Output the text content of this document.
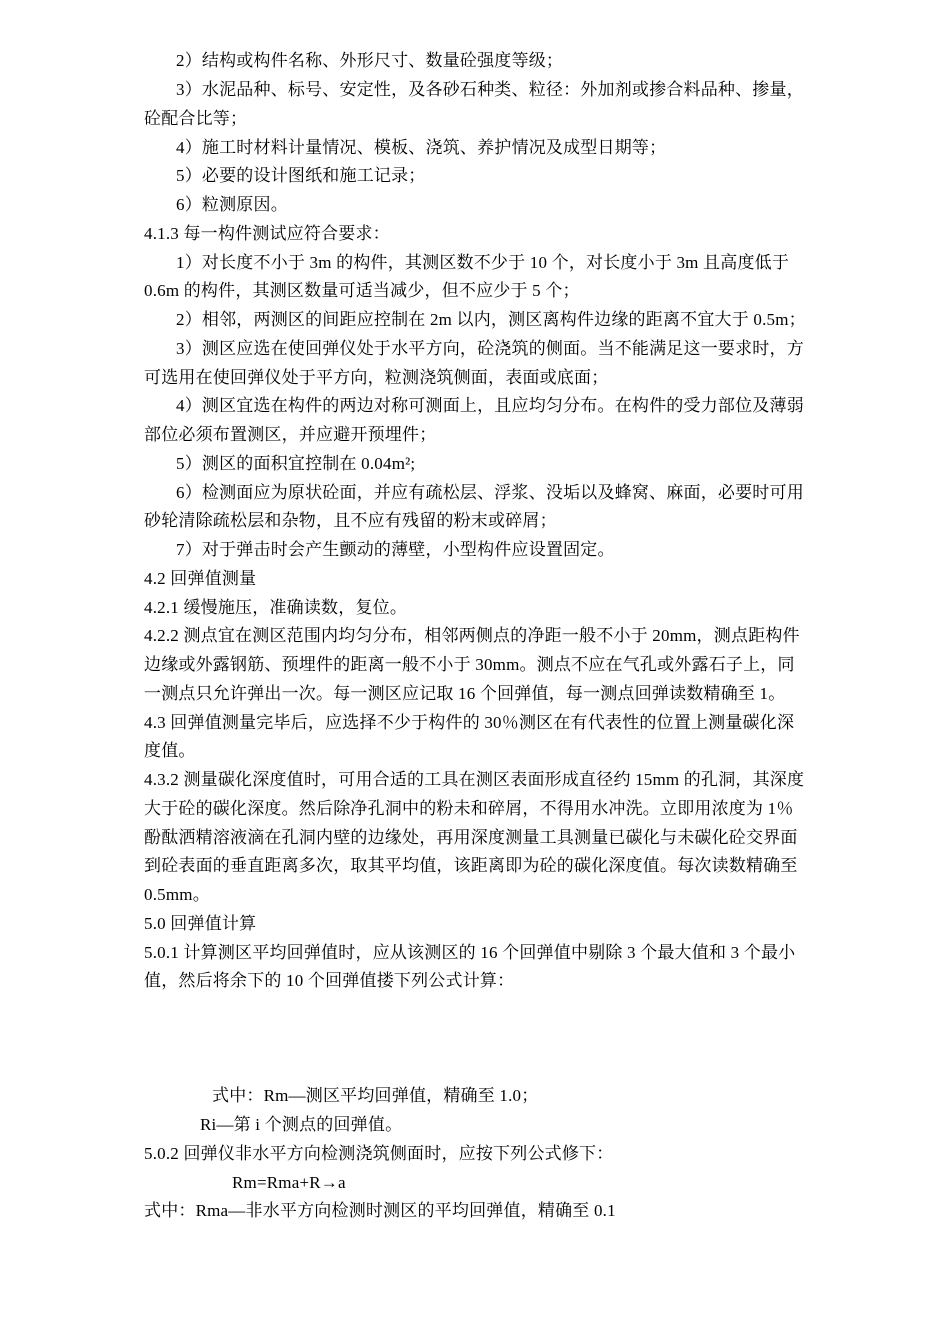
2）结构或构件名称、外形尺寸、数量砼强度等级；
3）水泥品种、标号、安定性，及各砂石种类、粒径：外加剂或掺合料品种、掺量，
砼配合比等；
4）施工时材料计量情况、模板、浇筑、养护情况及成型日期等；
5）必要的设计图纸和施工记录；
6）粒测原因。
4.1.3 每一构件测试应符合要求：
1）对长度不小于 3m 的构件，其测区数不少于 10 个，对长度小于 3m 且高度低于
0.6m 的构件，其测区数量可适当减少，但不应少于 5 个；
2）相邻，两测区的间距应控制在 2m 以内，测区离构件边缘的距离不宜大于 0.5m；
3）测区应选在使回弹仪处于水平方向，砼浇筑的侧面。当不能满足这一要求时，方
可选用在使回弹仪处于平方向，粒测浇筑侧面，表面或底面；
4）测区宜选在构件的两边对称可测面上，且应均匀分布。在构件的受力部位及薄弱
部位必须布置测区，并应避开预埋件；
5）测区的面积宜控制在 0.04m²;
6）检测面应为原状砼面，并应有疏松层、浮浆、没垢以及蜂窝、麻面，必要时可用
砂轮清除疏松层和杂物，且不应有残留的粉末或碎屑；
7）对于弹击时会产生颤动的薄壁，小型构件应设置固定。
4.2 回弹值测量
4.2.1 缓慢施压，准确读数，复位。
4.2.2 测点宜在测区范围内均匀分布，相邻两侧点的净距一般不小于 20mm，测点距构件
边缘或外露钢筋、预埋件的距离一般不小于 30mm。测点不应在气孔或外露石子上，同
一测点只允许弹出一次。每一测区应记取 16 个回弹值，每一测点回弹读数精确至 1。
4.3 回弹值测量完毕后，应选择不少于构件的 30％测区在有代表性的位置上测量碳化深
度值。
4.3.2 测量碳化深度值时，可用合适的工具在测区表面形成直径约 15mm 的孔洞，其深度
大于砼的碳化深度。然后除净孔洞中的粉未和碎屑，不得用水冲洗。立即用浓度为 1％
酚酞洒精溶液滴在孔洞内壁的边缘处，再用深度测量工具测量已碳化与未碳化砼交界面
到砼表面的垂直距离多次，取其平均值，该距离即为砼的碳化深度值。每次读数精确至
0.5mm。
5.0 回弹值计算
5.0.1 计算测区平均回弹值时，应从该测区的 16 个回弹值中剔除 3 个最大值和 3 个最小
值，然后将余下的 10 个回弹值搂下列公式计算：
式中：Rm—测区平均回弹值，精确至 1.0；
Ri—第 i 个测点的回弹值。
5.0.2 回弹仪非水平方向检测浇筑侧面时，应按下列公式修下：
Rm=Rma+R→a
式中：Rma—非水平方向检测时测区的平均回弹值，精确至 0.1
